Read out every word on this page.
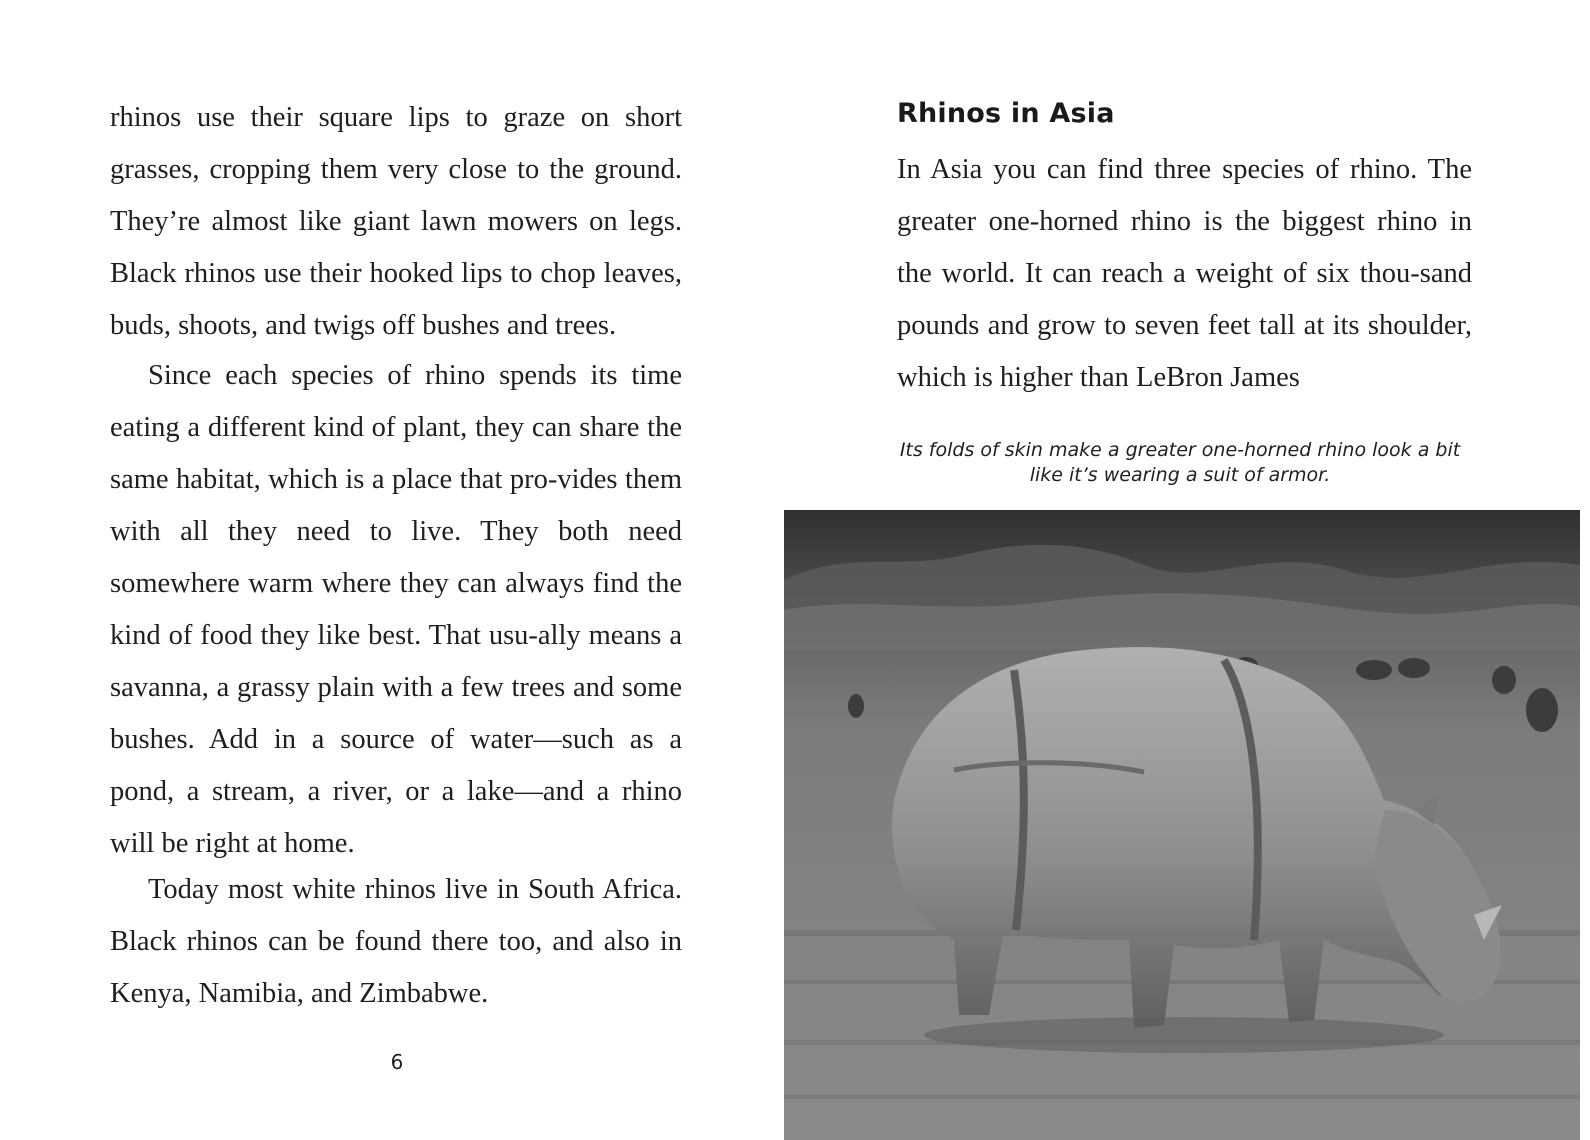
rhinos use their square lips to graze on short grasses, cropping them very close to the ground. They’re almost like giant lawn mowers on legs. Black rhinos use their hooked lips to chop leaves, buds, shoots, and twigs off bushes and trees.

Since each species of rhino spends its time eating a different kind of plant, they can share the same habitat, which is a place that pro-vides them with all they need to live. They both need somewhere warm where they can always find the kind of food they like best. That usu-ally means a savanna, a grassy plain with a few trees and some bushes. Add in a source of water—such as a pond, a stream, a river, or a lake—and a rhino will be right at home.

Today most white rhinos live in South Africa. Black rhinos can be found there too, and also in Kenya, Namibia, and Zimbabwe.

6
Rhinos in Asia

In Asia you can find three species of rhino. The greater one-horned rhino is the biggest rhino in the world. It can reach a weight of six thou-sand pounds and grow to seven feet tall at its shoulder, which is higher than LeBron James

Its folds of skin make a greater one-horned rhino look a bit like it’s wearing a suit of armor.
